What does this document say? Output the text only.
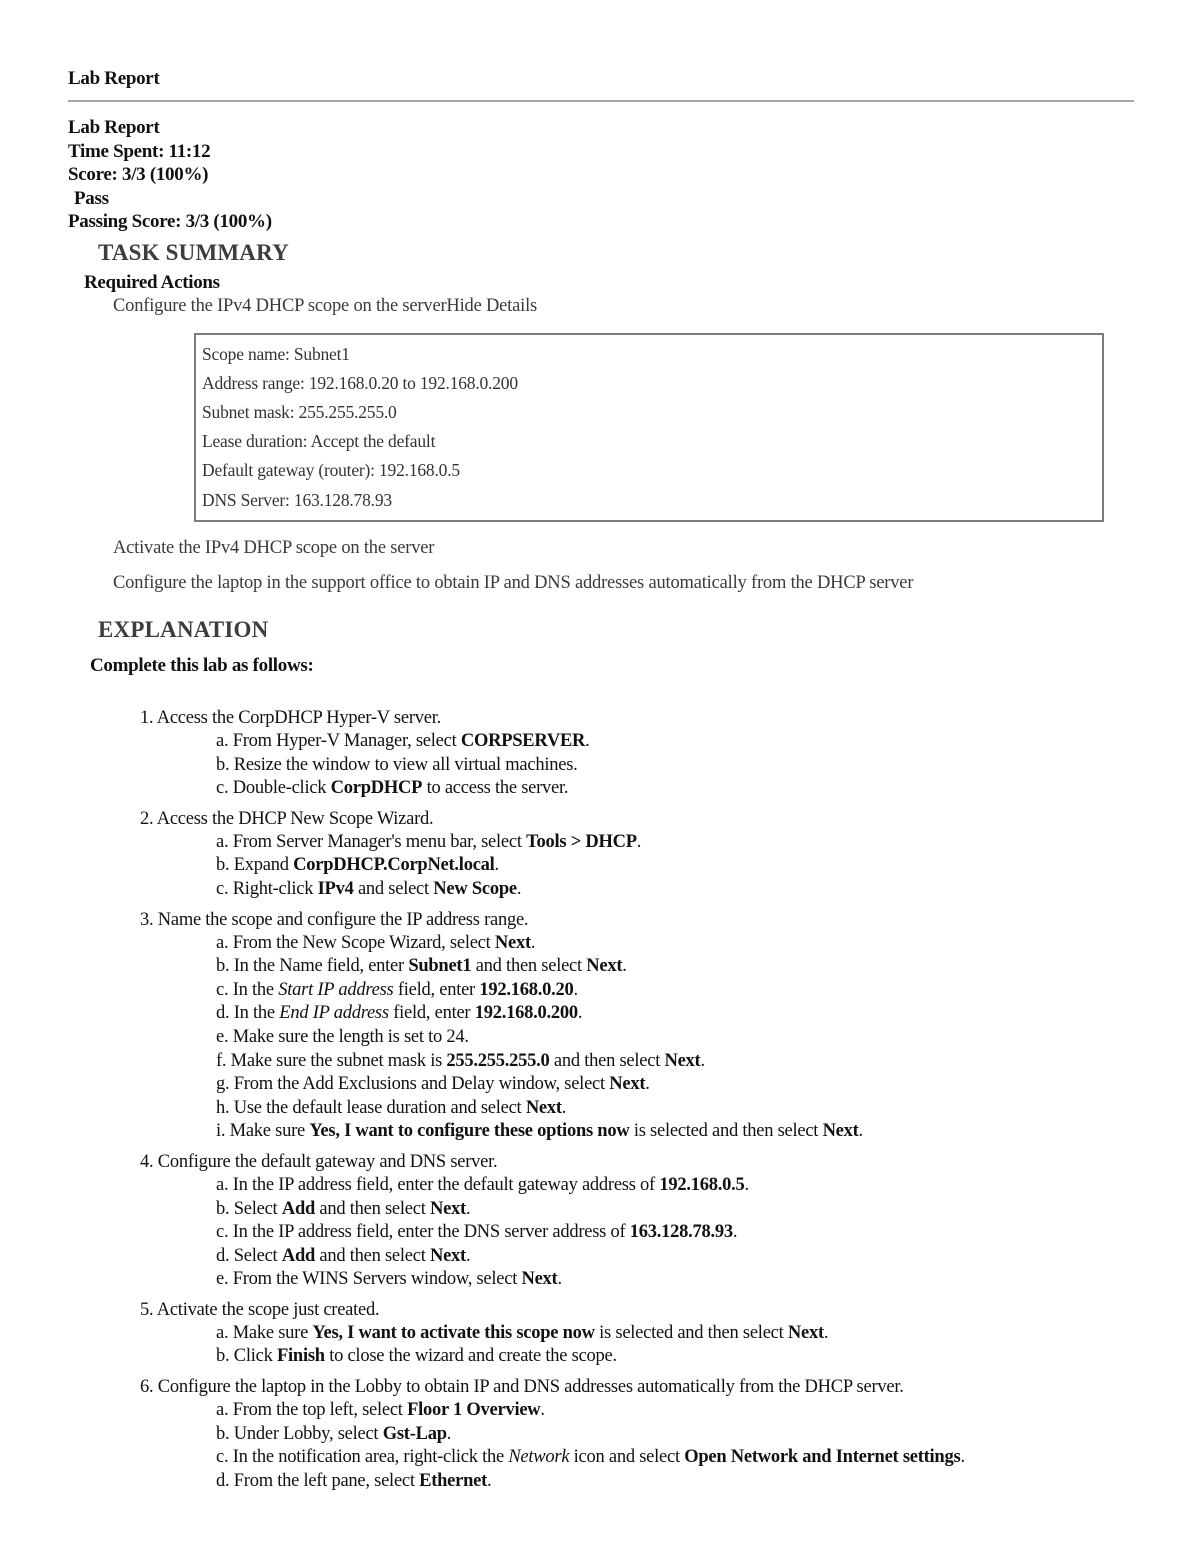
Lab Report
Lab Report
Time Spent: 11:12
Score: 3/3 (100%)
Pass
Passing Score: 3/3 (100%)
TASK SUMMARY
Required Actions
Configure the IPv4 DHCP scope on the serverHide Details
Scope name: Subnet1
Address range: 192.168.0.20 to 192.168.0.200
Subnet mask: 255.255.255.0
Lease duration: Accept the default
Default gateway (router): 192.168.0.5
DNS Server: 163.128.78.93
Activate the IPv4 DHCP scope on the server
Configure the laptop in the support office to obtain IP and DNS addresses automatically from the DHCP server
EXPLANATION
Complete this lab as follows:
1. Access the CorpDHCP Hyper-V server.
a. From Hyper-V Manager, select CORPSERVER.
b. Resize the window to view all virtual machines.
c. Double-click CorpDHCP to access the server.
2. Access the DHCP New Scope Wizard.
a. From Server Manager's menu bar, select Tools > DHCP.
b. Expand CorpDHCP.CorpNet.local.
c. Right-click IPv4 and select New Scope.
3. Name the scope and configure the IP address range.
a. From the New Scope Wizard, select Next.
b. In the Name field, enter Subnet1 and then select Next.
c. In the Start IP address field, enter 192.168.0.20.
d. In the End IP address field, enter 192.168.0.200.
e. Make sure the length is set to 24.
f. Make sure the subnet mask is 255.255.255.0 and then select Next.
g. From the Add Exclusions and Delay window, select Next.
h. Use the default lease duration and select Next.
i. Make sure Yes, I want to configure these options now is selected and then select Next.
4. Configure the default gateway and DNS server.
a. In the IP address field, enter the default gateway address of 192.168.0.5.
b. Select Add and then select Next.
c. In the IP address field, enter the DNS server address of 163.128.78.93.
d. Select Add and then select Next.
e. From the WINS Servers window, select Next.
5. Activate the scope just created.
a. Make sure Yes, I want to activate this scope now is selected and then select Next.
b. Click Finish to close the wizard and create the scope.
6. Configure the laptop in the Lobby to obtain IP and DNS addresses automatically from the DHCP server.
a. From the top left, select Floor 1 Overview.
b. Under Lobby, select Gst-Lap.
c. In the notification area, right-click the Network icon and select Open Network and Internet settings.
d. From the left pane, select Ethernet.
